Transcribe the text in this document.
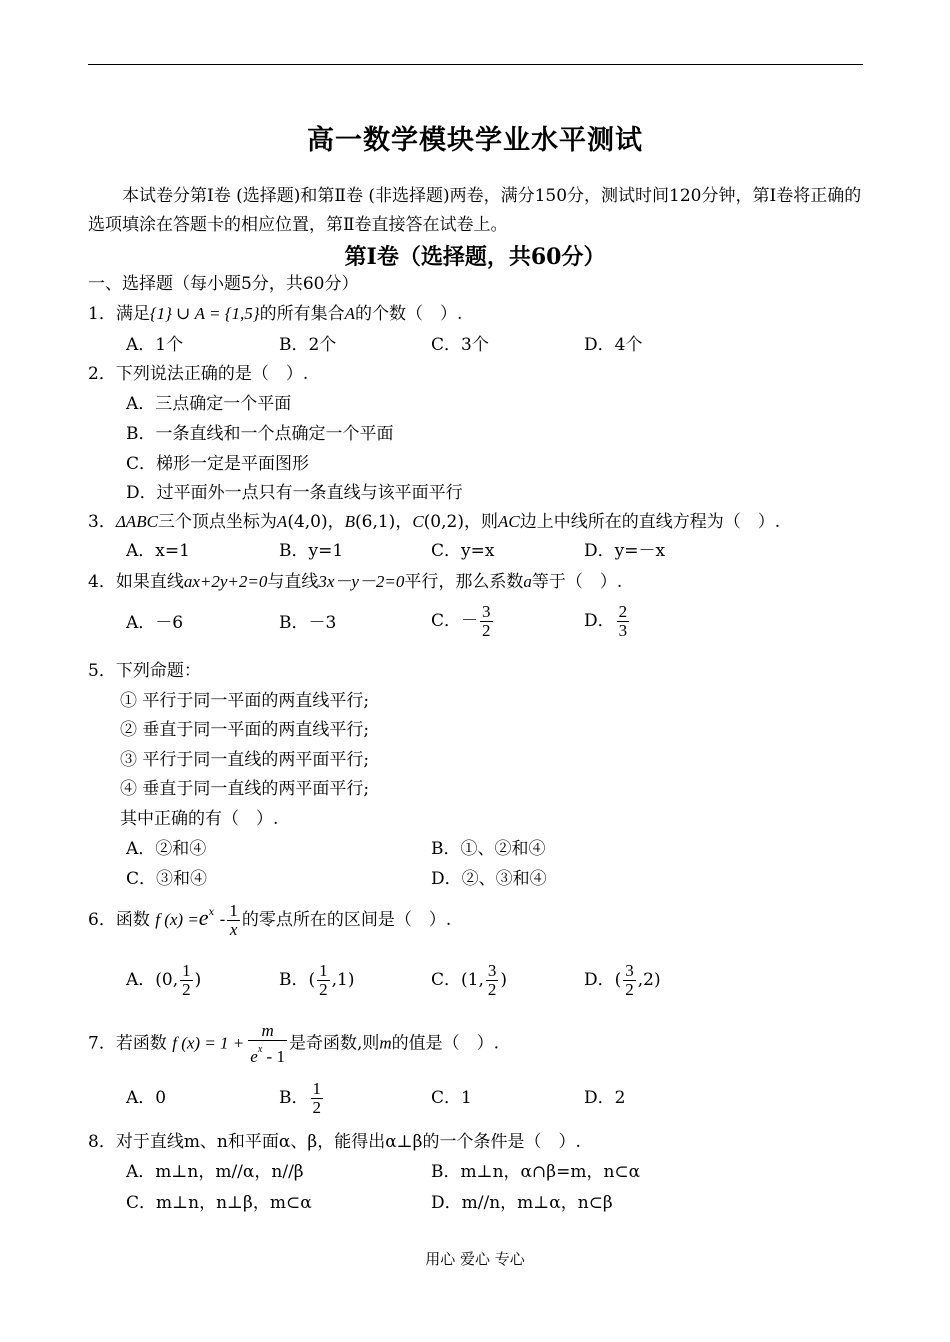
高一数学模块学业水平测试
本试卷分第Ⅰ卷 (选择题)和第Ⅱ卷 (非选择题)两卷，满分150分，测试时间120分钟，第Ⅰ卷将正确的选项填涂在答题卡的相应位置，第Ⅱ卷直接答在试卷上。
第Ⅰ卷（选择题，共60分）
一、选择题（每小题5分，共60分）
1．满足{1} ∪ A = {1,5}的所有集合A的个数（　）.
A．1个	B．2个	C．3个	D．4个
2．下列说法正确的是（　）.
A．三点确定一个平面
B．一条直线和一个点确定一个平面
C．梯形一定是平面图形
D．过平面外一点只有一条直线与该平面平行
3．ΔABC三个顶点坐标为A(4,0)，B(6,1)，C(0,2)，则AC边上中线所在的直线方程为（　）.
A．x=1	B．y=1	C．y=x	D．y=－x
4．如果直线ax+2y+2=0与直线3x－y－2=0平行，那么系数a等于（　）.
A．－6	B．－3	C．－ $\frac{3}{2}$	D． $\frac{2}{3}$
5．下列命题：
① 平行于同一平面的两直线平行;
② 垂直于同一平面的两直线平行;
③ 平行于同一直线的两平面平行;
④ 垂直于同一直线的两平面平行;
其中正确的有（　）.
A．②和④	B．①、②和④
C．③和④	D．②、③和④
6．函数 f $(x) =e^x - \frac{1}{x}$ 的零点所在的区间是（　）.
A．(0, $\frac{1}{2}$ )	B．( $\frac{1}{2} ,1$)	C．(1, $\frac{3}{2}$ )	D．( $\frac{3}{2} ,2$)
7．若函数 f $(x) = 1 + \frac{m}{e^x - 1}$ 是奇函数,则m的值是（　）.
A．0	B． $\frac{1}{2}$	C．1	D．2
8．对于直线m、n和平面α、β，能得出α⊥β的一个条件是（　）.
A．m⊥n，m//α，n//β	B．m⊥n，α∩β=m，n⊂α
C．m⊥n，n⊥β，m⊂α	D．m//n，m⊥α，n⊂β
用心 爱心 专心
